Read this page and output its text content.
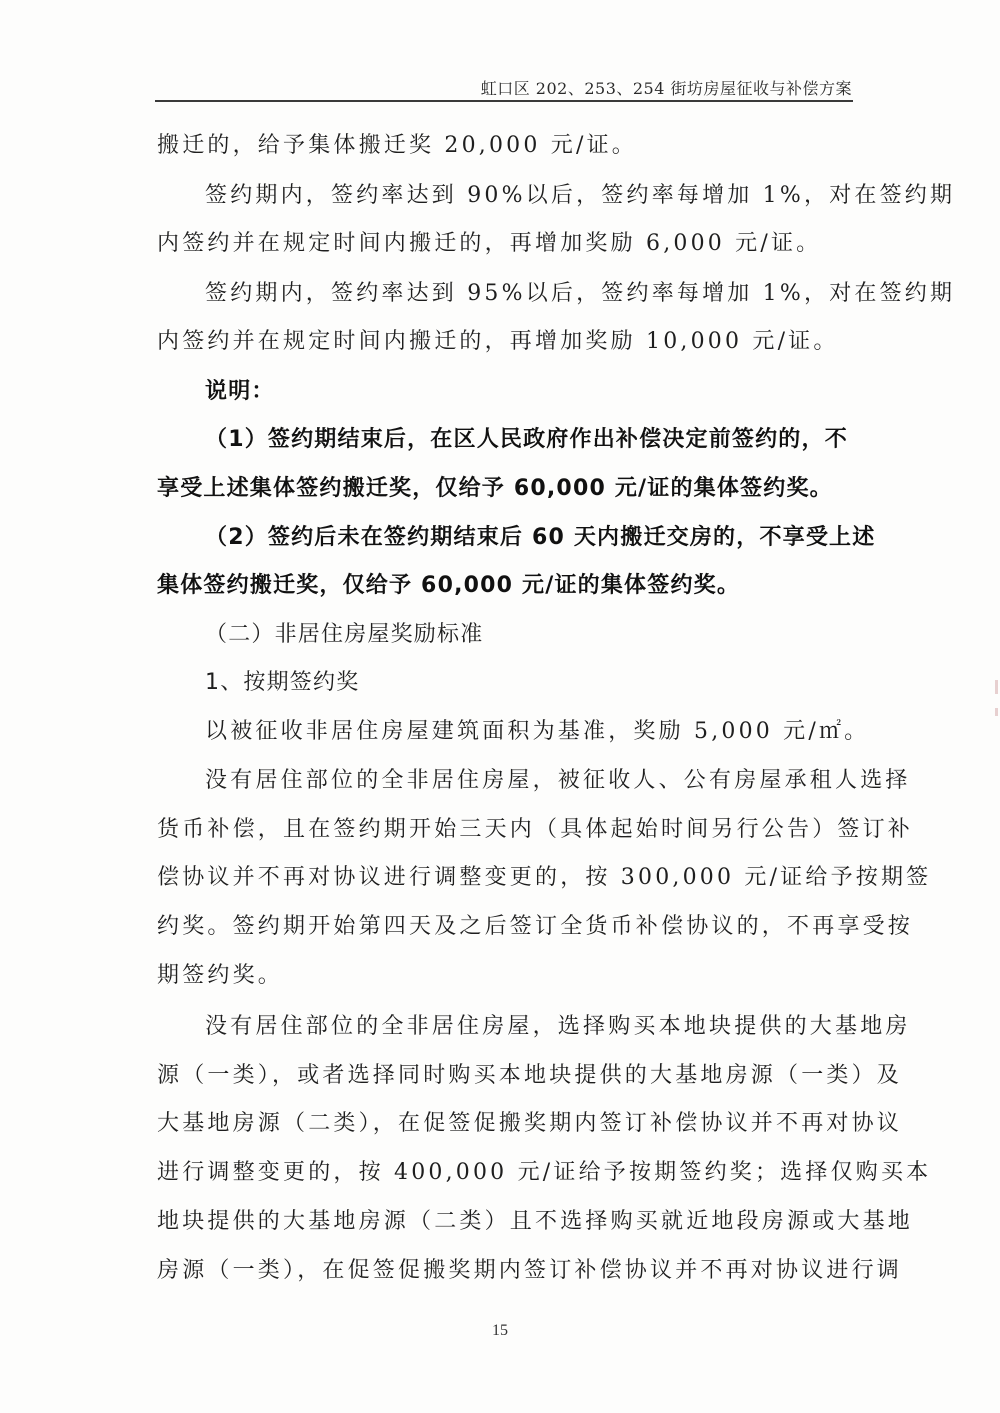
虹口区 202、253、254 街坊房屋征收与补偿方案
搬迁的，给予集体搬迁奖 20,000 元/证。
签约期内，签约率达到 90%以后，签约率每增加 1%，对在签约期
内签约并在规定时间内搬迁的，再增加奖励 6,000 元/证。
签约期内，签约率达到 95%以后，签约率每增加 1%，对在签约期
内签约并在规定时间内搬迁的，再增加奖励 10,000 元/证。
说明：
（1）签约期结束后，在区人民政府作出补偿决定前签约的，不
享受上述集体签约搬迁奖，仅给予 60,000 元/证的集体签约奖。
（2）签约后未在签约期结束后 60 天内搬迁交房的，不享受上述
集体签约搬迁奖，仅给予 60,000 元/证的集体签约奖。
（二）非居住房屋奖励标准
1、按期签约奖
以被征收非居住房屋建筑面积为基准，奖励 5,000 元/㎡。
没有居住部位的全非居住房屋，被征收人、公有房屋承租人选择
货币补偿，且在签约期开始三天内（具体起始时间另行公告）签订补
偿协议并不再对协议进行调整变更的，按 300,000 元/证给予按期签
约奖。签约期开始第四天及之后签订全货币补偿协议的，不再享受按
期签约奖。
没有居住部位的全非居住房屋，选择购买本地块提供的大基地房
源（一类），或者选择同时购买本地块提供的大基地房源（一类）及
大基地房源（二类），在促签促搬奖期内签订补偿协议并不再对协议
进行调整变更的，按 400,000 元/证给予按期签约奖；选择仅购买本
地块提供的大基地房源（二类）且不选择购买就近地段房源或大基地
房源（一类），在促签促搬奖期内签订补偿协议并不再对协议进行调
15
